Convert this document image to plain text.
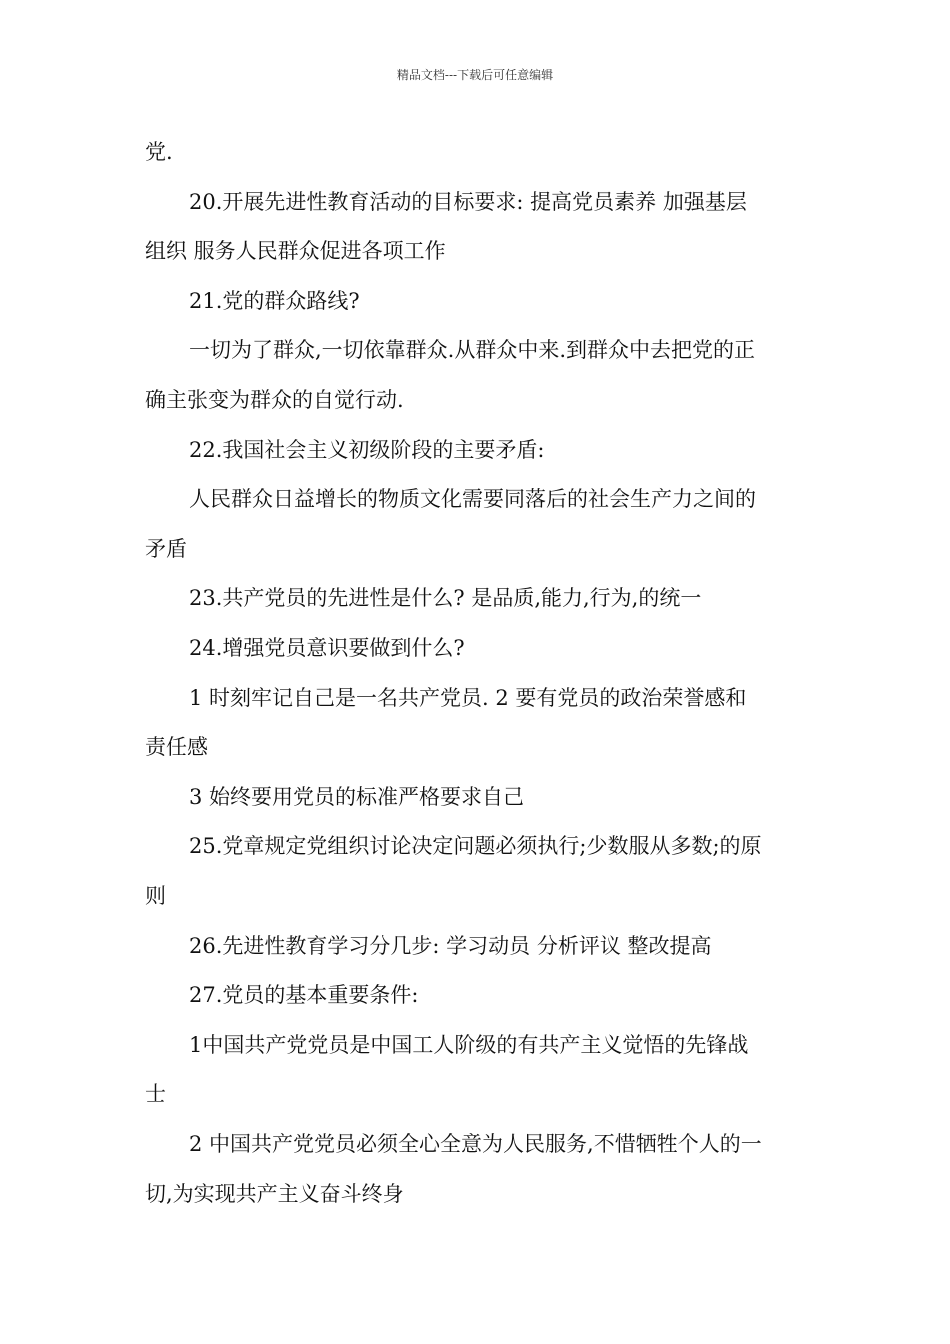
精品文档---下载后可任意编辑
党.
20.开展先进性教育活动的目标要求: 提高党员素养 加强基层
组织 服务人民群众促进各项工作
21.党的群众路线?
一切为了群众,一切依靠群众.从群众中来.到群众中去把党的正
确主张变为群众的自觉行动.
22.我国社会主义初级阶段的主要矛盾:
人民群众日益增长的物质文化需要同落后的社会生产力之间的
矛盾
23.共产党员的先进性是什么? 是品质,能力,行为,的统一
24.增强党员意识要做到什么?
1 时刻牢记自己是一名共产党员. 2 要有党员的政治荣誉感和
责任感
3 始终要用党员的标准严格要求自己
25.党章规定党组织讨论决定问题必须执行;少数服从多数;的原
则
26.先进性教育学习分几步: 学习动员 分析评议 整改提高
27.党员的基本重要条件:
1中国共产党党员是中国工人阶级的有共产主义觉悟的先锋战
士
2 中国共产党党员必须全心全意为人民服务,不惜牺牲个人的一
切,为实现共产主义奋斗终身
